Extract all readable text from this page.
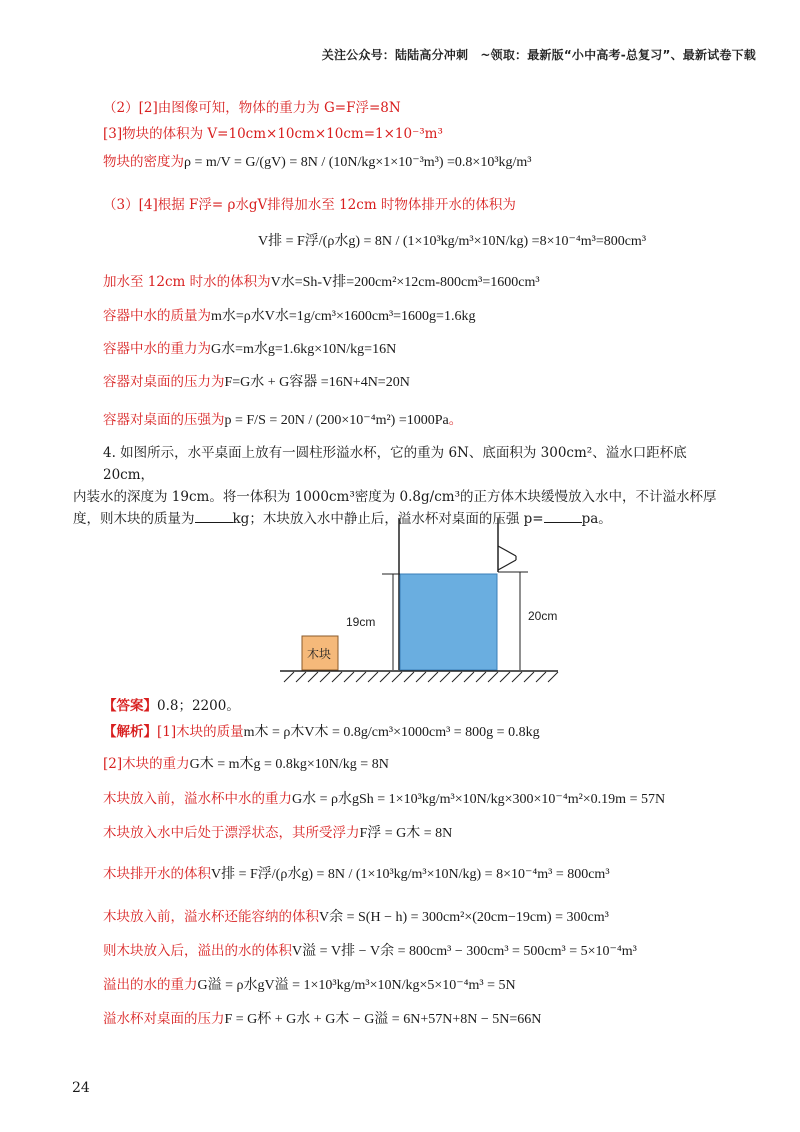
关注公众号：陆陆高分冲刺　~领取：最新版“小中高考-总复习”、最新试卷下载
（2）[2]由图像可知，物体的重力为 G=F浮=8N
[3]物块的体积为 V=10cm×10cm×10cm=1×10⁻³m³
物块的密度为ρ = m/V = G/(gV) = 8N / (10N/kg×1×10⁻³m³) =0.8×10³kg/m³
（3）[4]根据 F浮= ρ水gV排得加水至 12cm 时物体排开水的体积为
V排 = F浮/(ρ水g) = 8N / (1×10³kg/m³×10N/kg) =8×10⁻⁴m³=800cm³
加水至 12cm 时水的体积为V水=Sh-V排=200cm²×12cm-800cm³=1600cm³
容器中水的质量为m水=ρ水V水=1g/cm³×1600cm³=1600g=1.6kg
容器中水的重力为G水=m水g=1.6kg×10N/kg=16N
容器对桌面的压力为F=G水 + G容器 =16N+4N=20N
容器对桌面的压强为p = F/S = 20N / (200×10⁻⁴m²) =1000Pa。
4. 如图所示，水平桌面上放有一圆柱形溢水杯，它的重为 6N、底面积为 300cm²、溢水口距杯底 20cm，
内装水的深度为 19cm。将一体积为 1000cm³密度为 0.8g/cm³的正方体木块缓慢放入水中，不计溢水杯厚
度，则木块的质量为	kg；木块放入水中静止后，溢水杯对桌面的压强 p=	pa。
19cm	20cm
木块
【答案】0.8；2200。
【解析】[1]木块的质量m木 = ρ木V木 = 0.8g/cm³×1000cm³ = 800g = 0.8kg
[2]木块的重力G木 = m木g = 0.8kg×10N/kg = 8N
木块放入前，溢水杯中水的重力G水 = ρ水gSh = 1×10³kg/m³×10N/kg×300×10⁻⁴m²×0.19m = 57N
木块放入水中后处于漂浮状态，其所受浮力F浮 = G木 = 8N
木块排开水的体积V排 = F浮/(ρ水g) = 8N / (1×10³kg/m³×10N/kg) = 8×10⁻⁴m³ = 800cm³
木块放入前，溢水杯还能容纳的体积V余 = S(H − h) = 300cm²×(20cm−19cm) = 300cm³
则木块放入后，溢出的水的体积V溢 = V排 − V余 = 800cm³ − 300cm³ = 500cm³ = 5×10⁻⁴m³
溢出的水的重力G溢 = ρ水gV溢 = 1×10³kg/m³×10N/kg×5×10⁻⁴m³ = 5N
溢水杯对桌面的压力F = G杯 + G水 + G木 − G溢 = 6N+57N+8N − 5N=66N
24
